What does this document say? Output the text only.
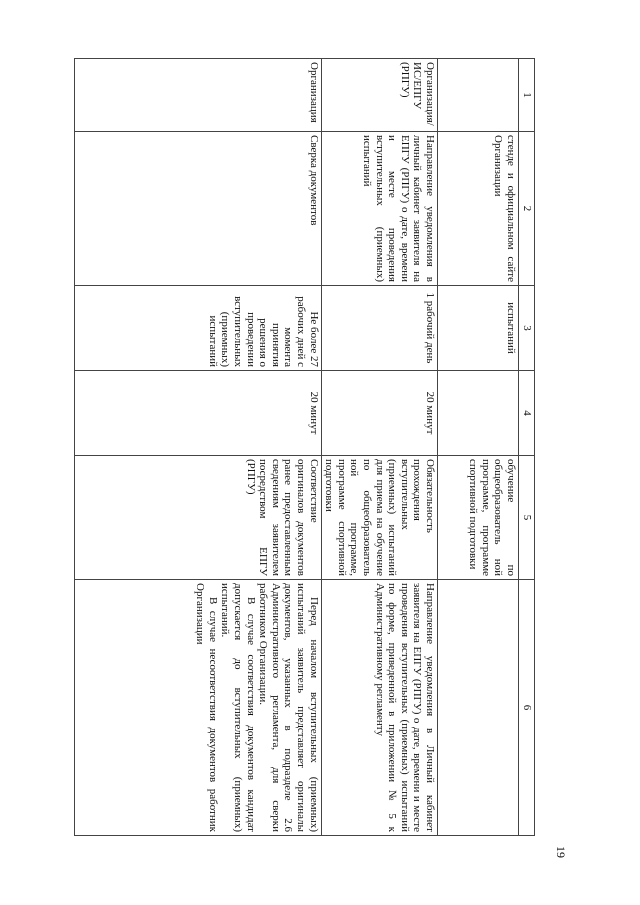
19
1	2	3	4	5	6
	стенде и официальном сайте Организации	испытаний		обучение по общеобразователь ной программе, программе спортивной подготовки	
Организация/ ИС/ЕПГУ (РПГУ)	Направление уведомления в личный кабинет заявителя на ЕПГУ (РПГУ) о дате, времени и месте проведения вступительных (приемных) испытаний	1 рабочий день	20 минут	Обязательность прохождения вступительных (приемных) испытаний для приема на обучение по общеобразователь ной программе, программе спортивной подготовки	Направление уведомления в Личный кабинет заявителя на ЕПГУ (РПГУ) о дате, времени и месте проведения вступительных (приемных) испытаний по форме, приведенной в приложении № 5 к Административному регламенту
Организация	Сверка документов	Не более 27 рабочих дней с момента принятия решения о проведении вступительных (приемных) испытаний	20 минут	Соответствие оригиналов документов ранее предоставленным сведениям заявителем посредством ЕПГУ (РПГУ)	Перед началом вступительных (приемных) испытаний заявитель представляет оригиналы документов, указанных в подразделе 2.6 Административного регламента, для сверки работником Организации.
В случае соответствия документов кандидат допускается до вступительных (приемных) испытаний.
В случае несоответствия документов работник Организации
